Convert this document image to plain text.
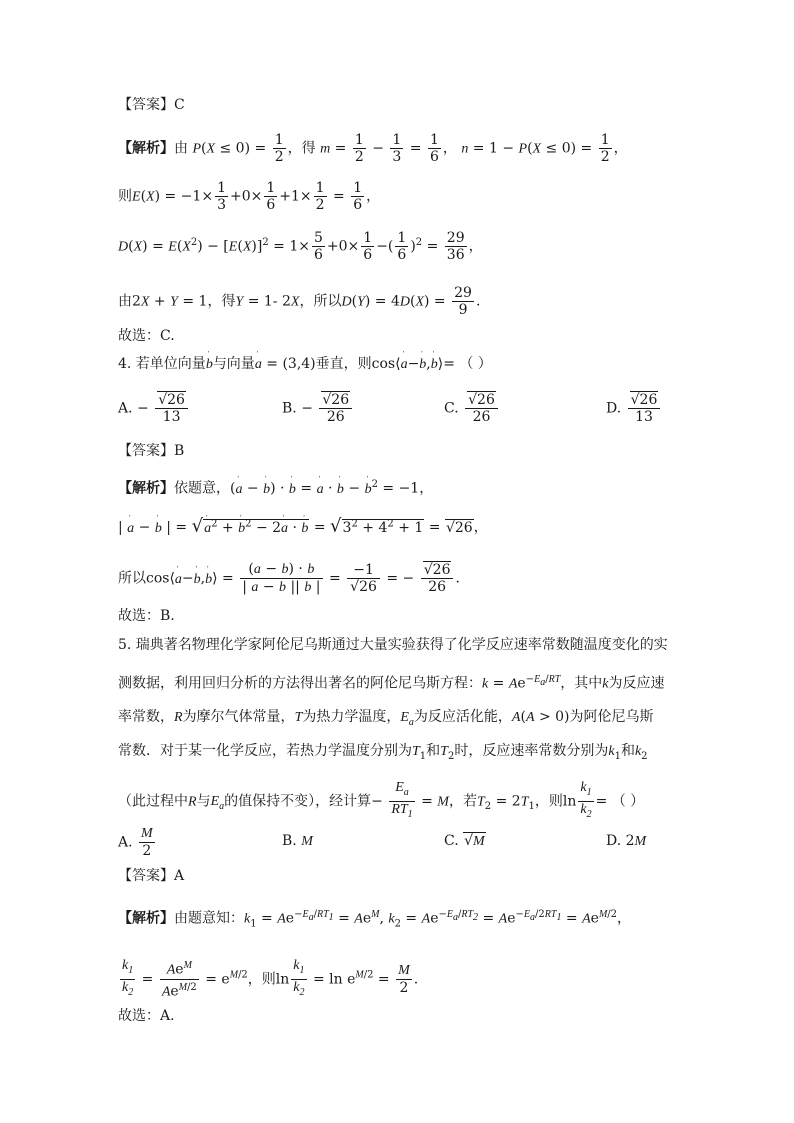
【答案】C
【解析】由 $P(X \le 0) = \frac{1}{2}$ ，得 $m = \frac{1}{2} - \frac{1}{3} = \frac{1}{6}$ ， $n = 1 - P(X \le 0) = \frac{1}{2}$ ，
则$E(X) = -1\times \frac{1}{3} +0\times \frac{1}{6} +1\times \frac{1}{2} = \frac{1}{6}$ ，
$D(X) = E(X^2) - [E(X)]^2 = 1\times \frac{5}{6} +0\times \frac{1}{6}$ −( $\frac{1}{6} )^2 = \frac{29}{36}$ ，
由2X + Y = 1，得Y = 1- 2X，所以$D(Y) = 4D(X) = \frac{29}{9}$ .
故选：C.
4. 若单位向量ˈ b与向量ˈ a = (3,4)垂直，则cos⟨ˈ a−ˈ b,ˈ b⟩= （ ）
A. − $\frac{√26}{13}$	B. − $\frac{√26}{26}$	C. $\frac{√26}{26}$	D. $\frac{√26}{13}$
【答案】B
【解析】依题意，(ˈ a − ˈ b) · ˈ b = ˈ a · ˈ b − ˈ $b^2 = -1$，
| ˈ a − ˈ b | = √ˈ $a^2$ + ˈ $b^2$ − 2ˈ a · ˈ $b = √3^2 + 4^2 + 1 = √26$，
所以cos⟨ˈ a−ˈ b,ˈ b⟩ = $\frac{(a - b) \cdot b}{| a - b || b |} = \frac{-1}{√26}$ = − $\frac{√26}{26}$ .
故选：B.
5. 瑞典著名物理化学家阿伦尼乌斯通过大量实验获得了化学反应速率常数随温度变化的实
测数据，利用回归分析的方法得出著名的阿伦尼乌斯方程：$k = Ae^{-E_a/RT}$，其中k为反应速
率常数，R为摩尔气体常量，T为热力学温度，$E_a$为反应活化能，A(A > 0)为阿伦尼乌斯
常数．对于某一化学反应，若热力学温度分别为$T_1$和$T_2$时，反应速率常数分别为$k_1$和$k_2$
（此过程中R与$E_a$的值保持不变），经计算− $\frac{E_a}{RT_1} = M$，若$T_2 = 2T_1$，则$\ln \frac{k_1}{k_2}$ = （ ）
A. $\frac{M}{2}$	B. M	C. √M	D. 2M
【答案】A
【解析】由题意知：$k_1 = Ae^{-E_a/RT_1} = Ae^M$, $k_2 = Ae^{-E_a/RT_2} = Ae^{-E_a/2RT_1} = Ae^{M/2}$，
$\frac{k_1}{k_2} = \frac{Ae^M}{Ae^{M/2}} = e^{M/2}$，则$\ln \frac{k_1}{k_2} = \ln e^{M/2} = \frac{M}{2}$ .
故选：A.
